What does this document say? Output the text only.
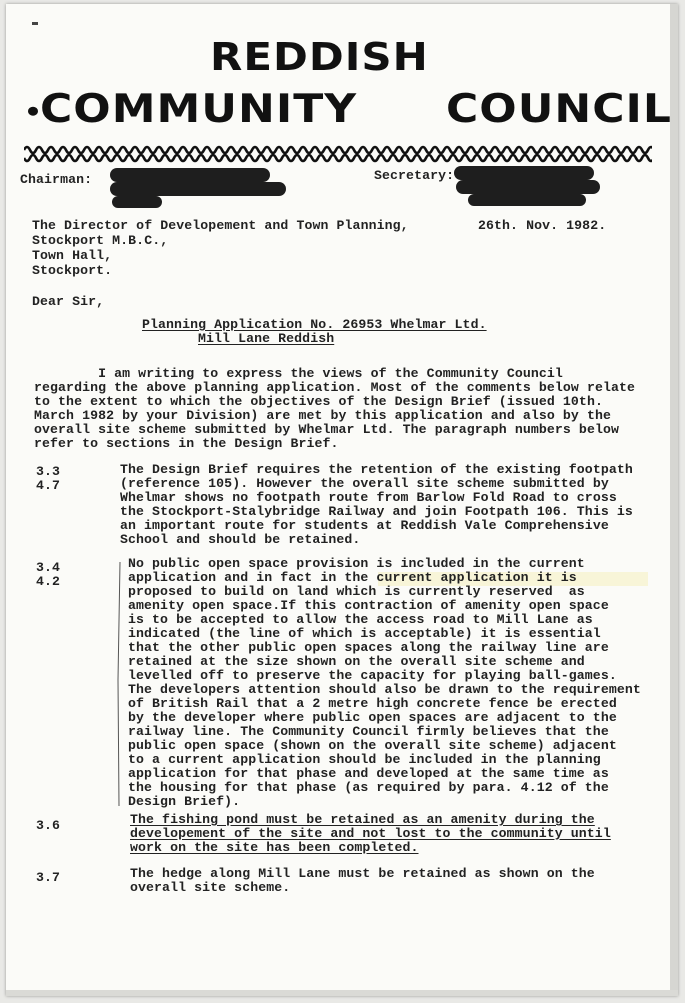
REDDISH
COMMUNITY COUNCIL
Chairman:	Secretary:
The Director of Developement and Town Planning,
Stockport M.B.C.,
Town Hall,
Stockport.
26th. Nov. 1982.
Dear Sir,
Planning Application No. 26953 Whelmar Ltd.
Mill Lane Reddish
I am writing to express the views of the Community Council
regarding the above planning application. Most of the comments below relate
to the extent to which the objectives of the Design Brief (issued 10th.
March 1982 by your Division) are met by this application and also by the
overall site scheme submitted by Whelmar Ltd. The paragraph numbers below
refer to sections in the Design Brief.
3.3
4.7
The Design Brief requires the retention of the existing footpath
(reference 105). However the overall site scheme submitted by
Whelmar shows no footpath route from Barlow Fold Road to cross
the Stockport-Stalybridge Railway and join Footpath 106. This is
an important route for students at Reddish Vale Comprehensive
School and should be retained.
3.4
4.2
No public open space provision is included in the current
application and in fact in the current application it is
proposed to build on land which is currently reserved  as
amenity open space.If this contraction of amenity open space
is to be accepted to allow the access road to Mill Lane as
indicated (the line of which is acceptable) it is essential
that the other public open spaces along the railway line are
retained at the size shown on the overall site scheme and
levelled off to preserve the capacity for playing ball-games.
The developers attention should also be drawn to the requirement
of British Rail that a 2 metre high concrete fence be erected
by the developer where public open spaces are adjacent to the
railway line. The Community Council firmly believes that the
public open space (shown on the overall site scheme) adjacent
to a current application should be included in the planning
application for that phase and developed at the same time as
the housing for that phase (as required by para. 4.12 of the
Design Brief).
3.6	The fishing pond must be retained as an amenity during the
developement of the site and not lost to the community until
work on the site has been completed.
3.7	The hedge along Mill Lane must be retained as shown on the
overall site scheme.
